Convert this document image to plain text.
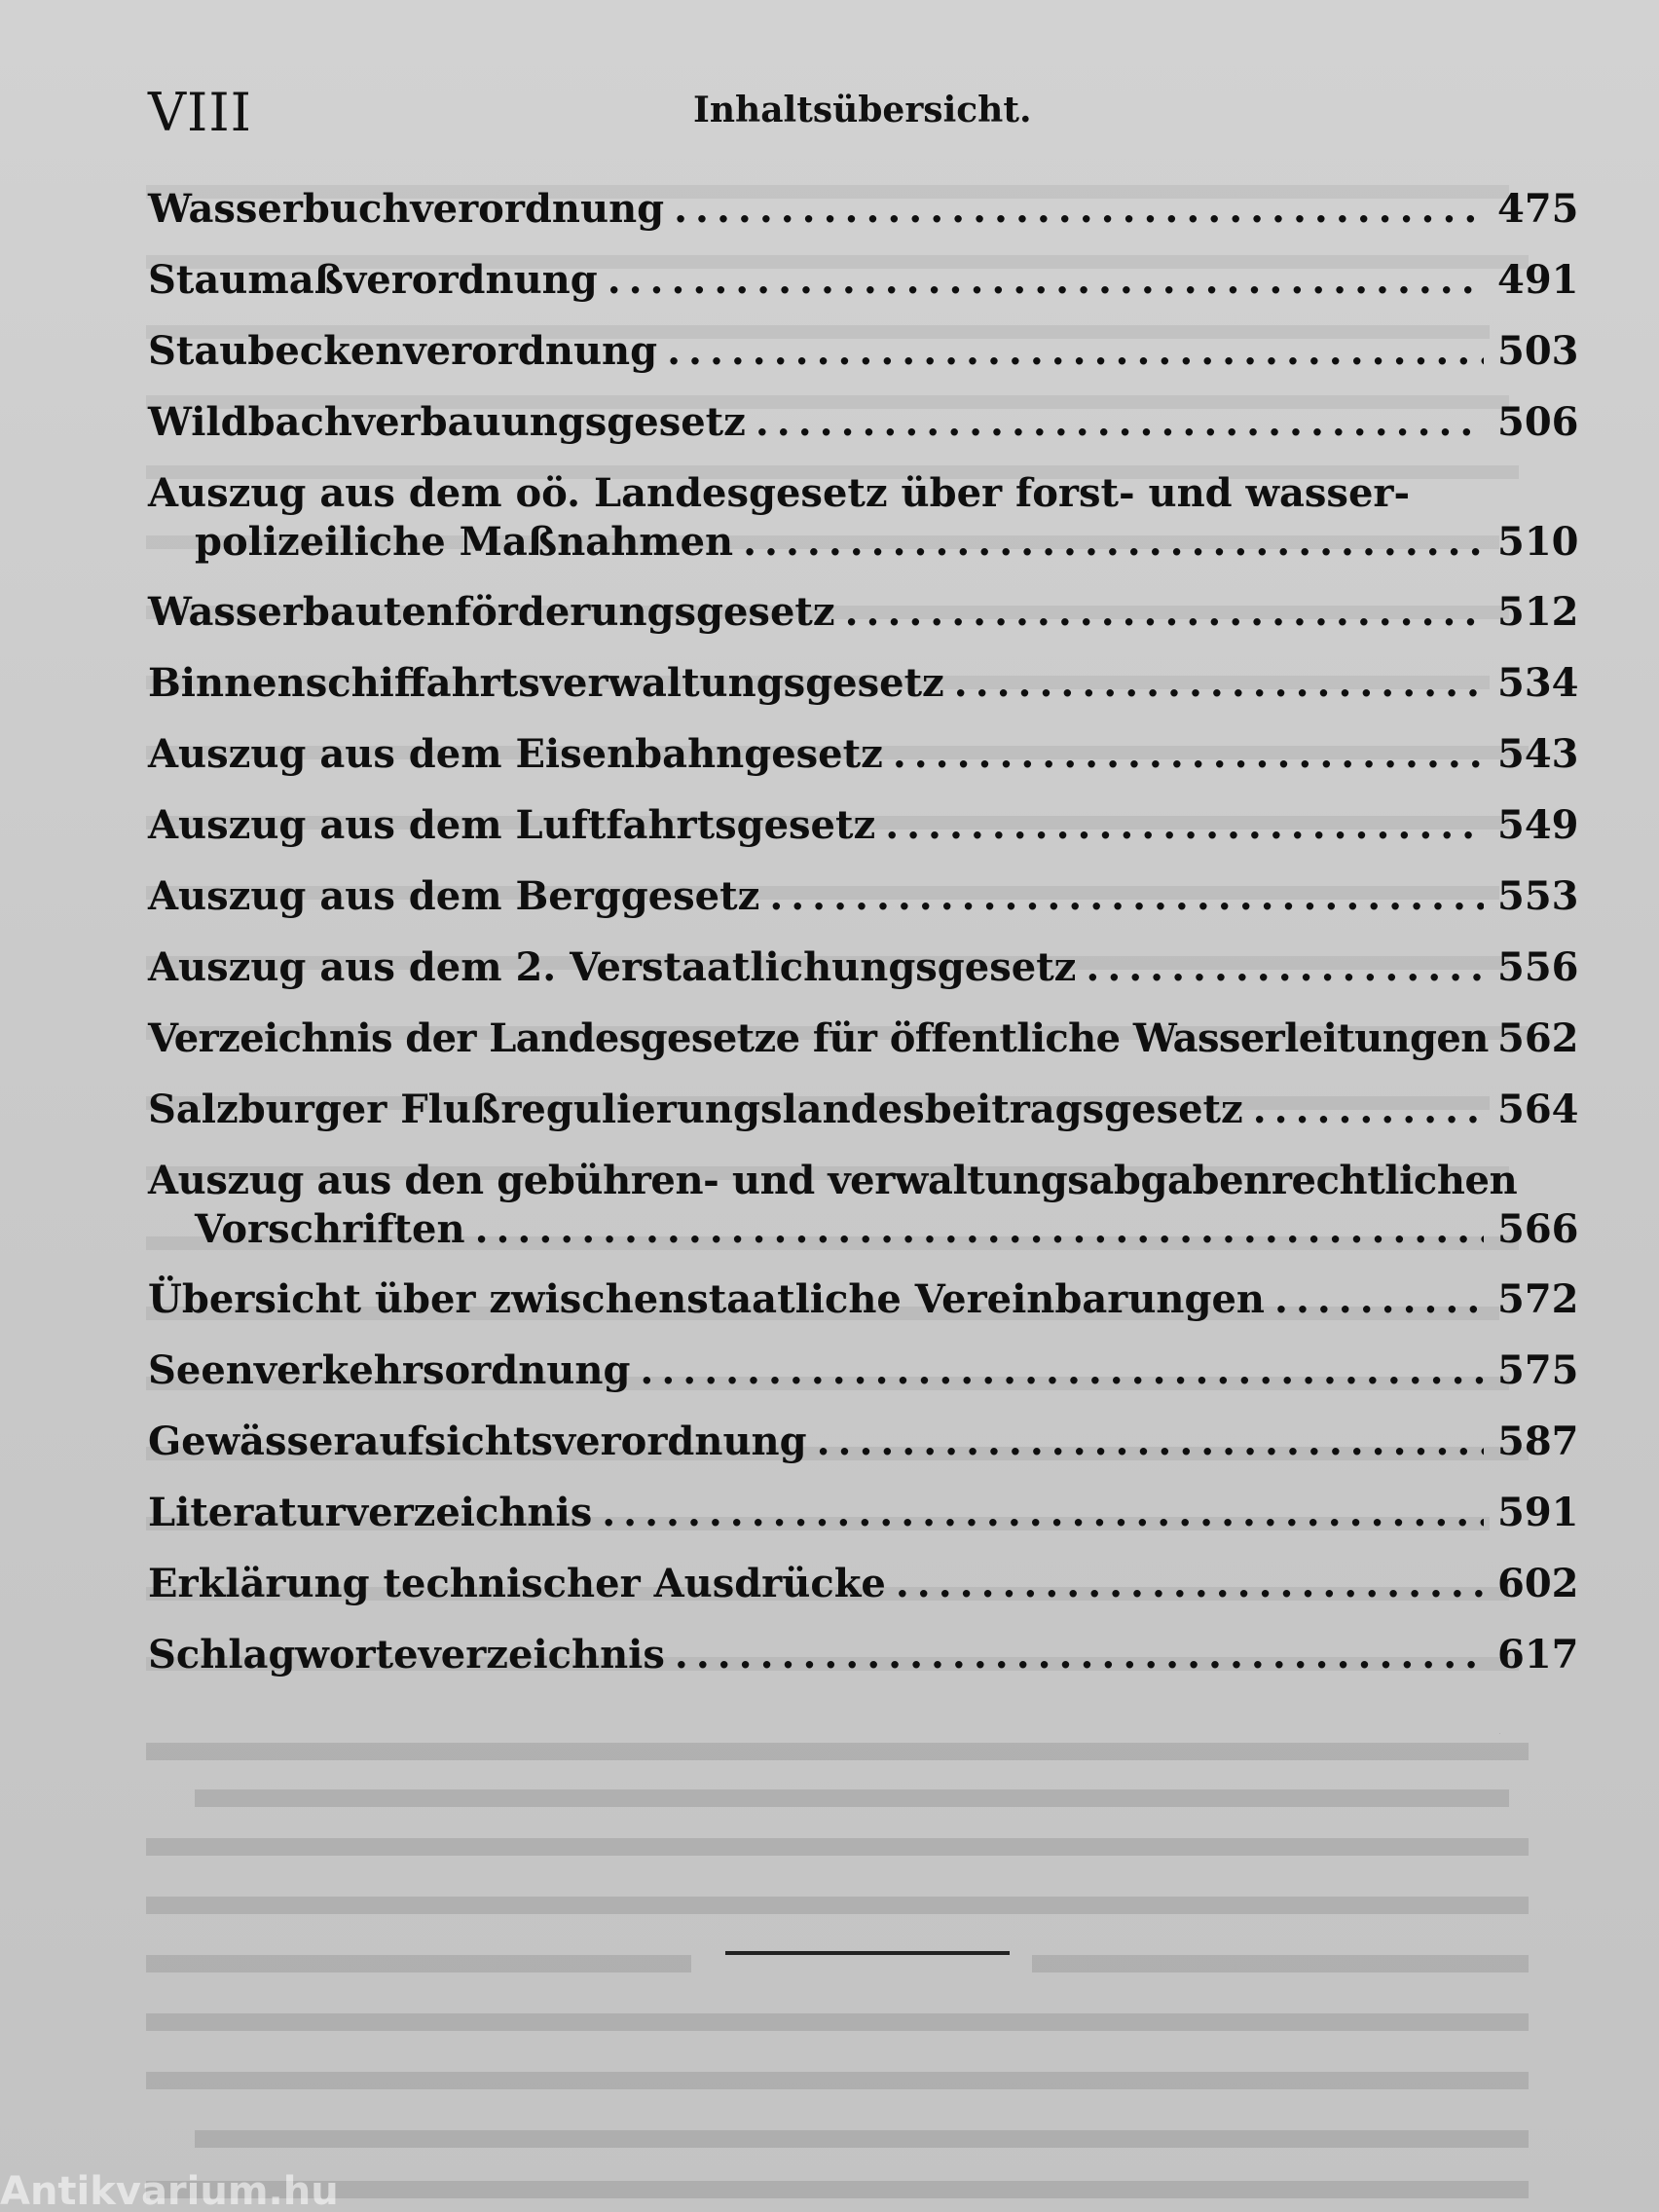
VIII	Inhaltsübersicht.
Wasserbuchverordnung .....	475
Staumaßverordnung .....	491
Staubeckenverordnung .....	503
Wildbachverbauungsgesetz .....	506
Auszug aus dem oö. Landesgesetz über forst- und wasser-
polizeiliche Maßnahmen .....	510
Wasserbautenförderungsgesetz .....	512
Binnenschiffahrtsverwaltungsgesetz .....	534
Auszug aus dem Eisenbahngesetz .....	543
Auszug aus dem Luftfahrtsgesetz .....	549
Auszug aus dem Berggesetz .....	553
Auszug aus dem 2. Verstaatlichungsgesetz .....	556
Verzeichnis der Landesgesetze für öffentliche Wasserleitungen ..... 562
Salzburger Flußregulierungslandesbeitragsgesetz .....	564
Auszug aus den gebühren- und verwaltungsabgabenrechtlichen
Vorschriften .....	566
Übersicht über zwischenstaatliche Vereinbarungen .....	572
Seenverkehrsordnung .....	575
Gewässeraufsichtsverordnung .....	587
Literaturverzeichnis .....	591
Erklärung technischer Ausdrücke .....	602
Schlagworteverzeichnis .....	617
Antikvarium.hu
